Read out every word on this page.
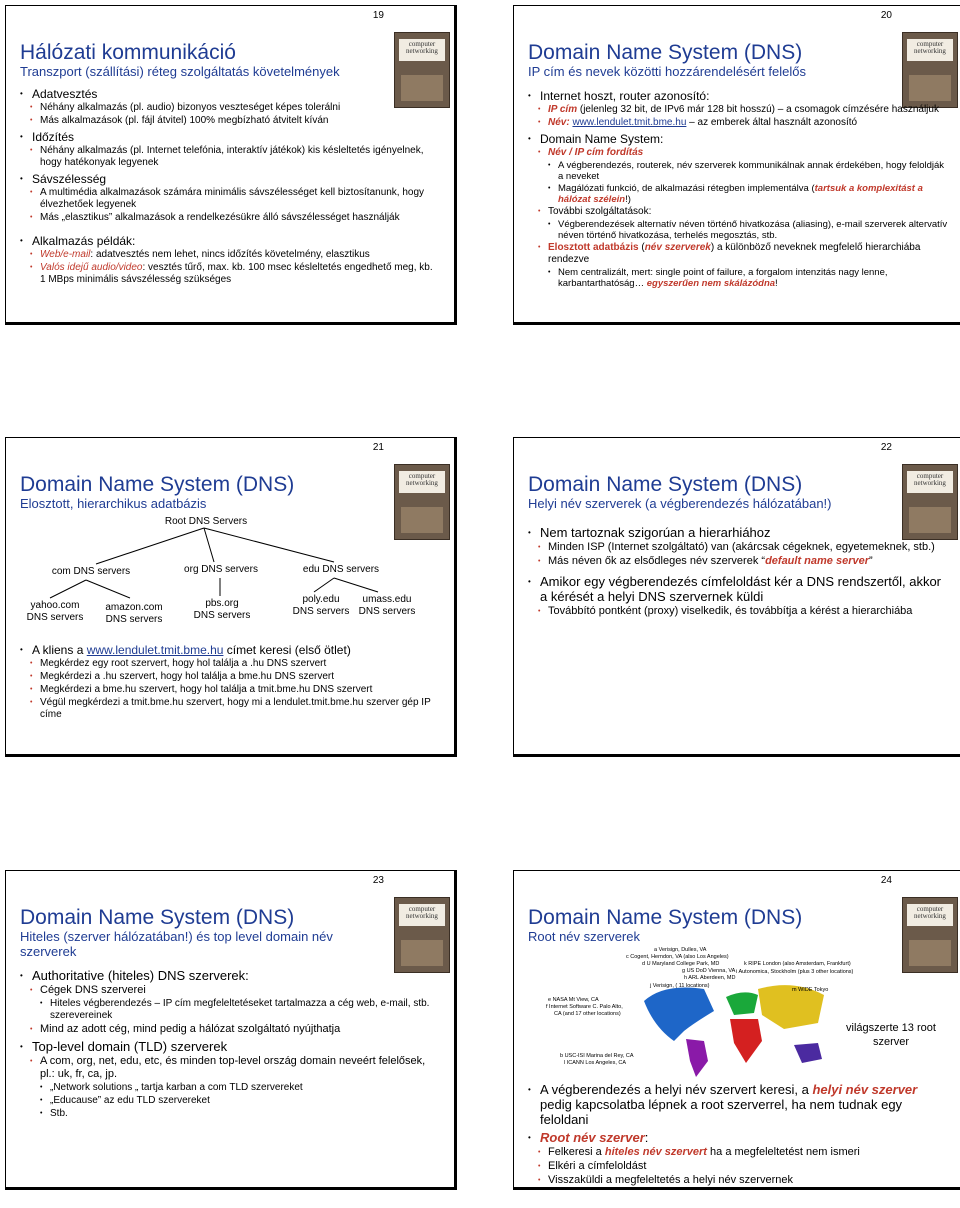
19
computer
networking
Hálózati kommunikáció
Transzport (szállítási) réteg szolgáltatás követelmények
• Adatvesztés
• Néhány alkalmazás (pl. audio) bizonyos veszteséget képes tolerálni
• Más alkalmazások (pl. fájl átvitel) 100% megbízható átvitelt kíván
• Időzítés
• Néhány alkalmazás (pl. Internet telefónia, interaktív játékok) kis késleltetés igényelnek, hogy hatékonyak legyenek
• Sávszélesség
• A multimédia alkalmazások számára minimális sávszélességet kell biztosítanunk, hogy élvezhetőek legyenek
• Más „elasztikus” alkalmazások a rendelkezésükre álló sávszélességet használják
• Alkalmazás példák:
• Web/e-mail: adatvesztés nem lehet, nincs időzítés követelmény, elasztikus
• Valós idejű audio/video: vesztés tűrő, max. kb. 100 msec késleltetés engedhető meg, kb. 1 MBps minimális sávszélesség szükséges
20
computer
networking
Domain Name System (DNS)
IP cím és nevek közötti hozzárendelésért felelős
• Internet hoszt, router azonosító:
• IP cím (jelenleg 32 bit, de IPv6 már 128 bit hosszú) – a csomagok címzésére használjuk
• Név: www.lendulet.tmit.bme.hu – az emberek által használt azonosító
• Domain Name System:
• Név / IP cím fordítás
• A végberendezés, routerek, név szerverek kommunikálnak annak érdekében, hogy feloldják a neveket
• Magálózati funkció, de alkalmazási rétegben implementálva (tartsuk a komplexitást a hálózat szélein!)
• További szolgáltatások:
• Végberendezések alternatív néven történő hivatkozása (aliasing), e-mail szerverek altervatív néven történő hivatkozása, terhelés megosztás, stb.
• Elosztott adatbázis (név szerverek) a különböző neveknek megfelelő hierarchiába rendezve
• Nem centralizált, mert: single point of failure, a forgalom intenzitás nagy lenne, karbantarthatóság… egyszerűen nem skálázódna!
21
computer
networking
Domain Name System (DNS)
Elosztott, hierarchikus adatbázis
Root DNS Servers
com DNS servers	org DNS servers	edu DNS servers
yahoo.com
DNS servers
amazon.com
DNS servers
pbs.org
DNS servers
poly.edu
DNS servers
umass.edu
DNS servers
• A kliens a www.lendulet.tmit.bme.hu címet keresi (első ötlet)
• Megkérdez egy root szervert, hogy hol találja a .hu DNS szervert
• Megkérdezi a .hu szervert, hogy hol találja a bme.hu DNS szervert
• Megkérdezi a bme.hu szervert, hogy hol találja a tmit.bme.hu DNS szervert
• Végül megkérdezi a tmit.bme.hu szervert, hogy mi a lendulet.tmit.bme.hu szerver gép IP címe
22
computer
networking
Domain Name System (DNS)
Helyi név szerverek (a végberendezés hálózatában!)
• Nem tartoznak szigorúan a hierarhiához
• Minden ISP (Internet szolgáltató) van (akárcsak cégeknek, egyetemeknek, stb.)
• Más néven ők az elsődleges név szerverek “default name server”
• Amikor egy végberendezés címfeloldást kér a DNS rendszertől, akkor a kérését a helyi DNS szervernek küldi
• Továbbító pontként (proxy) viselkedik, és továbbítja a kérést a hierarchiába
23
computer
networking
Domain Name System (DNS)
Hiteles (szerver hálózatában!) és top level domain név szerverek
• Authoritative (hiteles) DNS szerverek:
• Cégek DNS szerverei
• Hiteles végberendezés – IP cím megfeleltetéseket tartalmazza a cég web, e-mail, stb. szerevereinek
• Mind az adott cég, mind pedig a hálózat szolgáltató nyújthatja
• Top-level domain (TLD) szerverek
• A com, org, net, edu, etc, és minden top-level ország domain neveért felelősek, pl.: uk, fr, ca, jp.
• „Network solutions „ tartja karban a com TLD szervereket
• „Educause” az edu TLD szervereket
• Stb.
24
computer
networking
Domain Name System (DNS)
Root név szerverek
a Verisign, Dulles, VA
c Cogent, Herndon, VA (also Los Angeles)
d U Maryland College Park, MD
g US DoD Vienna, VA
h ARL Aberdeen, MD
j Verisign, ( 11 locations)
k RIPE London (also Amsterdam, Frankfurt)
i Autonomica, Stockholm (plus 3 other locations)
m WIDE Tokyo
e NASA Mt View, CA
f Internet Software C. Palo Alto,
CA (and 17 other locations)
b USC-ISI Marina del Rey, CA
l ICANN Los Angeles, CA
világszerte 13 root szerver
• A végberendezés a helyi név szervert keresi, a helyi név szerver pedig kapcsolatba lépnek a root szerverrel, ha nem tudnak egy feloldani
• Root név szerver:
• Felkeresi a hiteles név szervert ha a megfeleltetést nem ismeri
• Elkéri a címfeloldást
• Visszaküldi a megfeleltetés a helyi név szervernek
